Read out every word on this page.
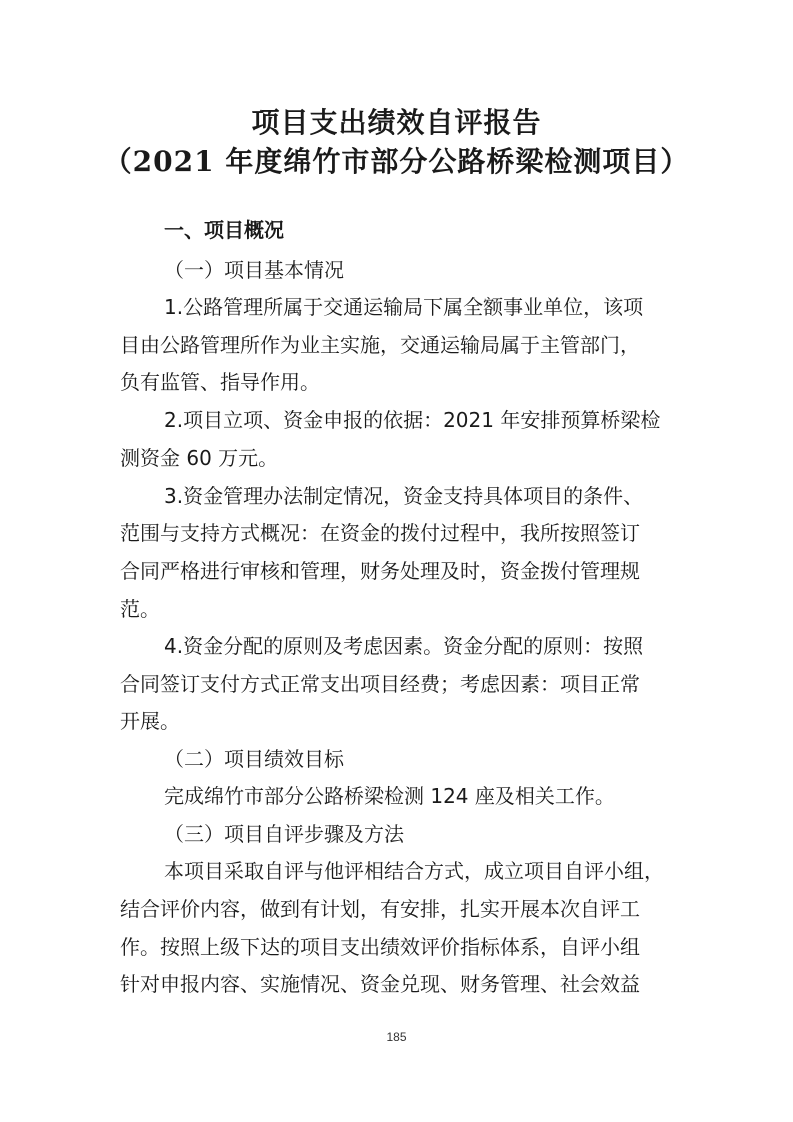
项目支出绩效自评报告
（2021 年度绵竹市部分公路桥梁检测项目）
一、项目概况
（一）项目基本情况
1.公路管理所属于交通运输局下属全额事业单位，该项
目由公路管理所作为业主实施，交通运输局属于主管部门，
负有监管、指导作用。
2.项目立项、资金申报的依据：2021 年安排预算桥梁检
测资金 60 万元。
3.资金管理办法制定情况，资金支持具体项目的条件、
范围与支持方式概况：在资金的拨付过程中，我所按照签订
合同严格进行审核和管理，财务处理及时，资金拨付管理规
范。
4.资金分配的原则及考虑因素。资金分配的原则：按照
合同签订支付方式正常支出项目经费；考虑因素：项目正常
开展。
（二）项目绩效目标
完成绵竹市部分公路桥梁检测 124 座及相关工作。
（三）项目自评步骤及方法
本项目采取自评与他评相结合方式，成立项目自评小组，
结合评价内容，做到有计划，有安排，扎实开展本次自评工
作。按照上级下达的项目支出绩效评价指标体系，自评小组
针对申报内容、实施情况、资金兑现、财务管理、社会效益
185
